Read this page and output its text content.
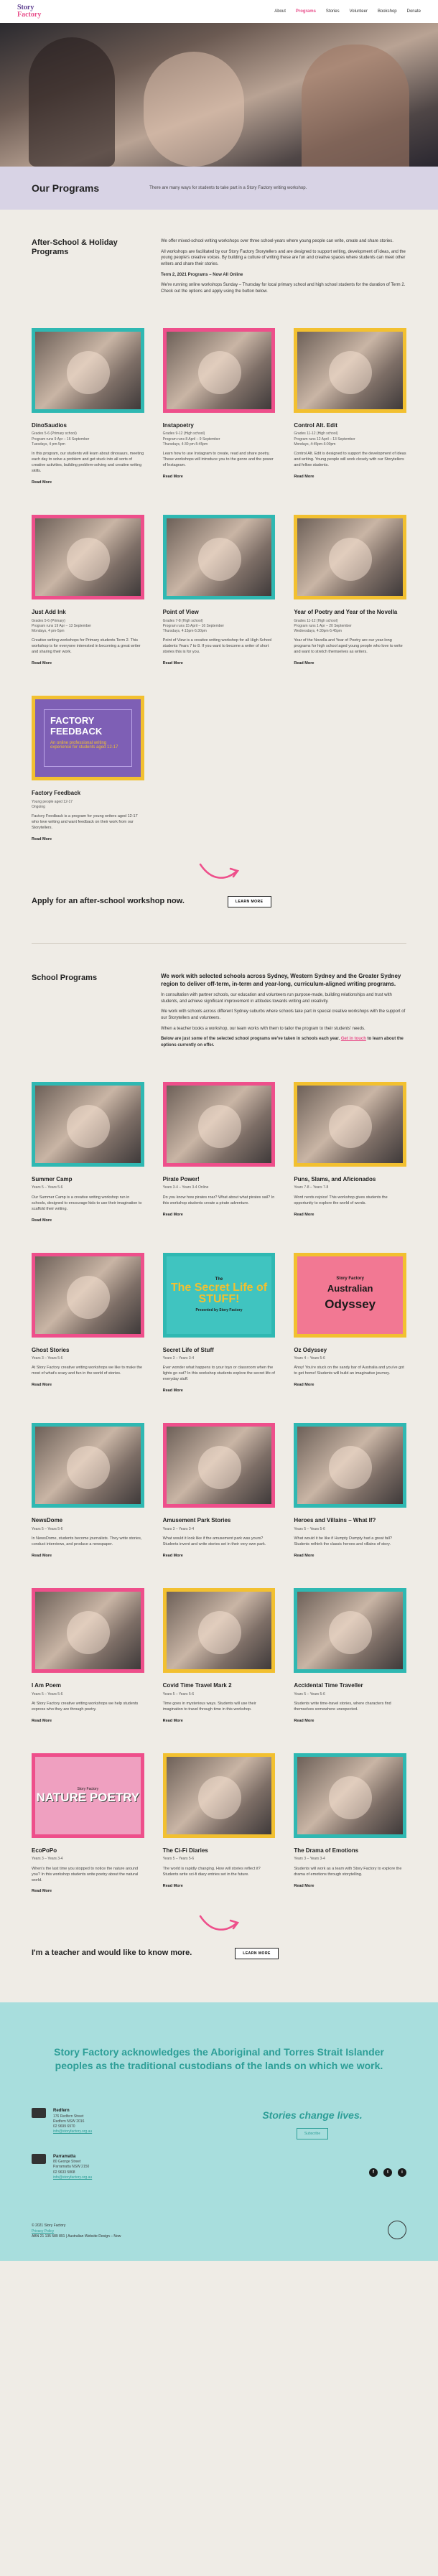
Story
Factory	About Programs Stories Volunteer Bookshop Donate
Our Programs	There are many ways for students to take part in a Story Factory writing workshop.

After-School & Holiday Programs

We offer mixed-school writing workshops over three school-years where young people can write, create and share stories.

All workshops are facilitated by our Story Factory Storytellers and are designed to support writing, development of ideas, and the young people's creative voices. By building a culture of writing these are fun and creative spaces where students can meet other writers and share their stories.

Term 2, 2021 Programs – Now All Online

We're running online workshops Sunday – Thursday for local primary school and high school students for the duration of Term 2. Check out the options and apply using the button below.

DinoSaudios
Grades 5-6 (Primary school)
Program runs 9 Apr – 16 September
Tuesdays, 4 pm-5pm
In this program, our students will learn about dinosaurs, meeting each day to solve a problem and get stuck into all sorts of creative activities, building problem-solving and creative writing skills.
Read More
Instapoetry
Grades 9-12 (High school)
Program runs 8 April – 9 September
Thursdays, 4:30 pm-5:45pm
Learn how to use Instagram to create, read and share poetry. These workshops will introduce you to the genre and the power of Instagram.
Read More
Control Alt. Edit
Grades 11-12 (High school)
Program runs 12 April – 13 September
Mondays, 4:45pm-6:00pm
Control Alt. Edit is designed to support the development of ideas and writing. Young people will work closely with our Storytellers and fellow students.
Read More
Just Add Ink
Grades 5-6 (Primary)
Program runs 19 Apr – 13 September
Mondays, 4 pm-5pm
Creative writing workshops for Primary students Term 2. This workshop is for everyone interested in becoming a great writer and sharing their work.
Read More
Point of View
Grades 7-8 (High school)
Program runs 15 April – 16 September
Thursdays, 4:15pm-5:30pm
Point of View is a creative writing workshop for all High School students Years 7 to 8. If you want to become a writer of short stories this is for you.
Read More
Year of Poetry and Year of the Novella
Grades 11-12 (High school)
Program runs 1 Apr – 20 September
Wednesdays, 4:30pm-5:45pm
Year of the Novella and Year of Poetry are our year-long programs for high school aged young people who love to write and want to stretch themselves as writers.
Read More
FACTORY FEEDBACK
An online professional writing experience for students aged 12-17
Factory Feedback
Young people aged 12-17
Ongoing
Factory Feedback is a program for young writers aged 12-17 who love writing and want feedback on their work from our Storytellers.
Read More
Apply for an after-school workshop now.	LEARN MORE
School Programs	We work with selected schools across Sydney, Western Sydney and the Greater Sydney region to deliver off-term, in-term and year-long, curriculum-aligned writing programs.

In consultation with partner schools, our education and volunteers run purpose-made, building relationships and trust with students, and achieve significant improvement in attitudes towards writing and creativity.

We work with schools across different Sydney suburbs where schools take part in special creative workshops with the support of our Storytellers and volunteers.

When a teacher books a workshop, our team works with them to tailor the program to their students' needs.

Below are just some of the selected school programs we've taken in schools each year. Get in touch to learn about the options currently on offer.

Summer Camp
Years 5 – Years 5-6
Our Summer Camp is a creative writing workshop run in schools, designed to encourage kids to use their imagination to scaffold their writing.
Read More
Pirate Power!
Years 3-4 – Years 3-4 Online
Do you know how pirates roar? What about what pirates sail? In this workshop students create a pirate adventure.
Read More
Puns, Slams, and Aficionados
Years 7-8 – Years 7-8
Word nerds rejoice! This workshop gives students the opportunity to explore the world of words.
Read More
Ghost Stories
Years 3 – Years 5-6
At Story Factory creative writing workshops we like to make the most of what's scary and fun in the world of stories.
Read More
The
The Secret Life of STUFF!
Presented by Story Factory
Secret Life of Stuff
Years 3 – Years 3-4
Ever wonder what happens to your toys or classroom when the lights go out? In this workshop students explore the secret life of everyday stuff.
Read More
Story Factory
Australian
Odyssey
Oz Odyssey
Years 4 – Years 5-6
Ahoy! You're stuck on the sandy bar of Australia and you've got to get home! Students will build an imaginative journey.
Read More
NewsDome
Years 5 – Years 5-6
In NewsDome, students become journalists. They write stories, conduct interviews, and produce a newspaper.
Read More
Amusement Park Stories
Years 3 – Years 3-4
What would it look like if the amusement park was yours? Students invent and write stories set in their very own park.
Read More
Heroes and Villains – What If?
Years 5 – Years 5-6
What would it be like if Humpty Dumpty had a great fall? Students rethink the classic heroes and villains of story.
Read More
I Am Poem
Years 5 – Years 5-6
At Story Factory creative writing workshops we help students express who they are through poetry.
Read More
Covid Time Travel Mark 2
Years 5 – Years 5-6
Time goes in mysterious ways. Students will use their imagination to travel through time in this workshop.
Read More
Accidental Time Traveller
Years 5 – Years 5-6
Students write time-travel stories, where characters find themselves somewhere unexpected.
Read More
Story Factory
NATURE POETRY
EcoPoPo
Years 3 – Years 3-4
When's the last time you stopped to notice the nature around you? In this workshop students write poetry about the natural world.
Read More
The Ci-Fi Diaries
Years 5 – Years 5-6
The world is rapidly changing. How will stories reflect it? Students write sci-fi diary entries set in the future.
Read More
The Drama of Emotions
Years 3 – Years 3-4
Students will work as a team with Story Factory to explore the drama of emotions through storytelling.
Read More
I'm a teacher and would like to know more.	LEARN MORE
Story Factory acknowledges the Aboriginal and Torres Strait Islander peoples as the traditional custodians of the lands on which we work.
Redfern

176 Redfern Street

Redfern NSW 2016

02 9699 6970

info@storyfactory.org.au

Parramatta

80 George Street

Parramatta NSW 2150

02 9633 5868

info@storyfactory.org.au

Stories change lives.
Subscribe
f	t	i

© 2021 Story Factory

Privacy Policy

ABN 21 135 589 891 | Australian Website Design – Now
